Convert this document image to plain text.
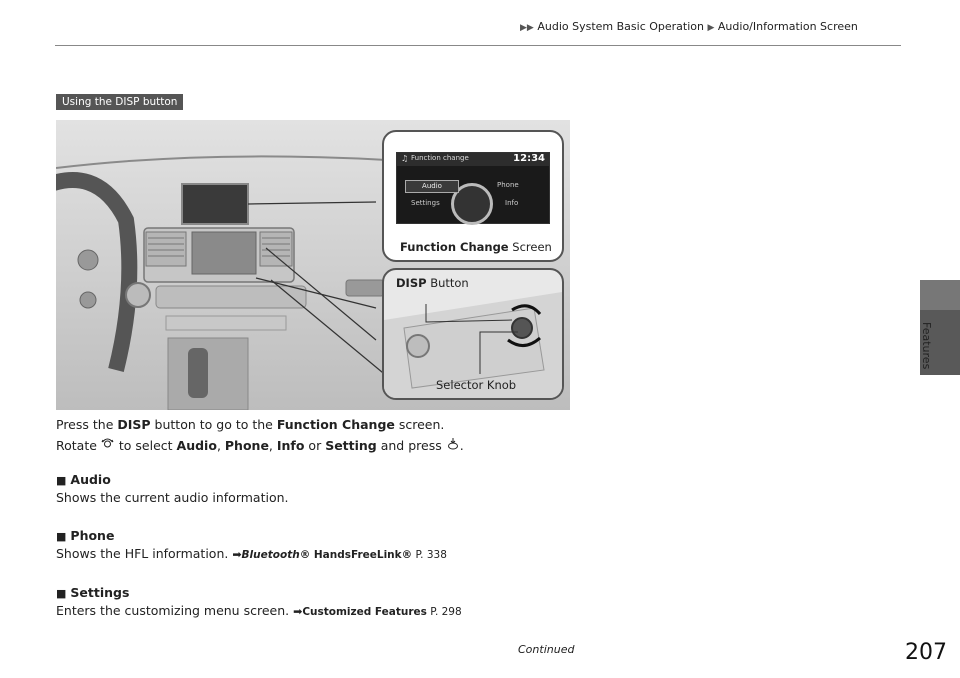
▶▶ Audio System Basic Operation ▶ Audio/Information Screen
Using the DISP button
♫ Function change	12:34
Audio	Phone
Settings	Info
Function Change Screen
DISP Button
Selector Knob
Press the DISP button to go to the Function Change screen.
Rotate  to select Audio, Phone, Info or Setting and press .
■ Audio
Shows the current audio information.
■ Phone
Shows the HFL information. ➡Bluetooth® HandsFreeLink® P. 338
■ Settings
Enters the customizing menu screen. ➡Customized Features P. 298
Continued	207
